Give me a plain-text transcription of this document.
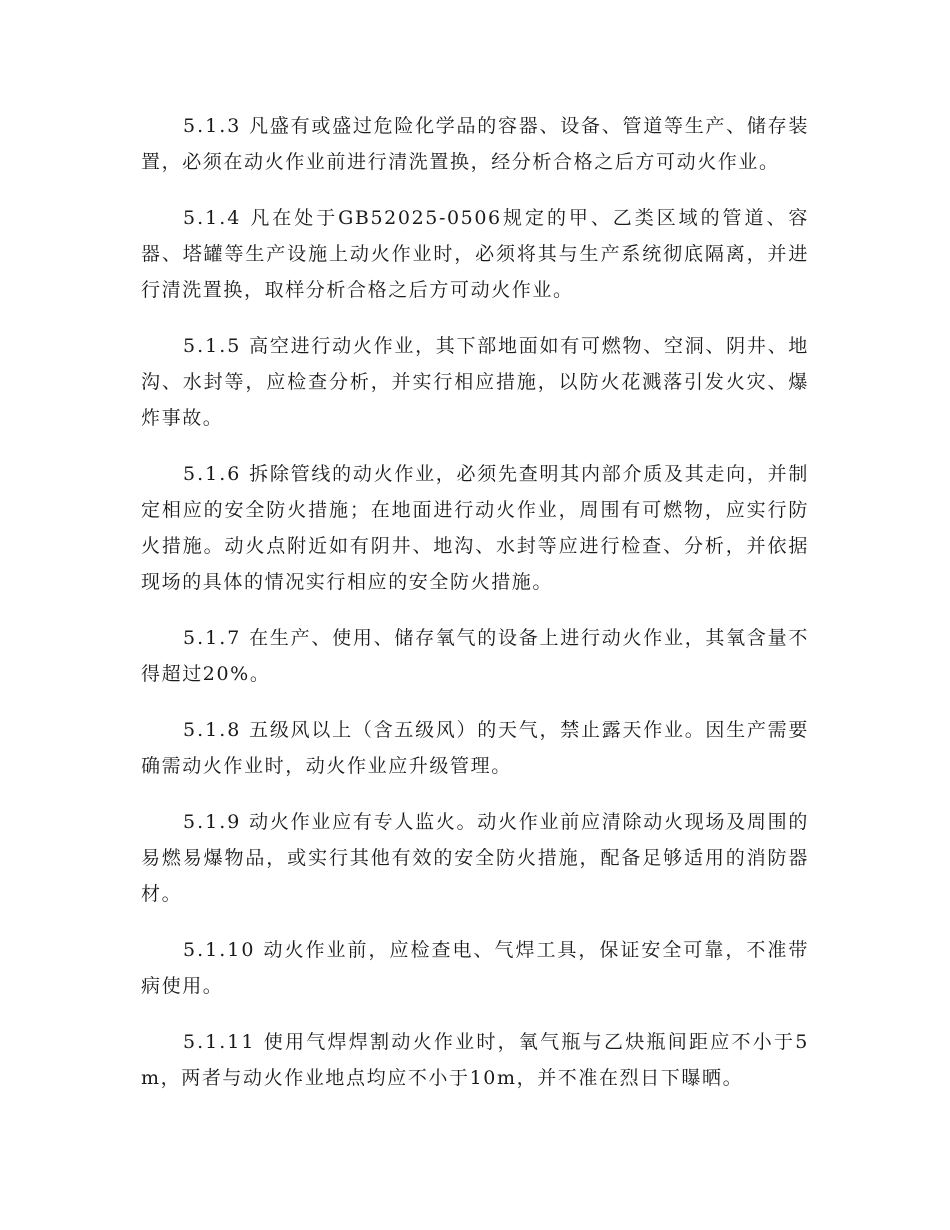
5.1.3 凡盛有或盛过危险化学品的容器、设备、管道等生产、储存装置，必须在动火作业前进行清洗置换，经分析合格之后方可动火作业。

5.1.4 凡在处于GB52025-0506规定的甲、乙类区域的管道、容器、塔罐等生产设施上动火作业时，必须将其与生产系统彻底隔离，并进行清洗置换，取样分析合格之后方可动火作业。

5.1.5 高空进行动火作业，其下部地面如有可燃物、空洞、阴井、地沟、水封等，应检查分析，并实行相应措施，以防火花溅落引发火灾、爆炸事故。

5.1.6 拆除管线的动火作业，必须先查明其内部介质及其走向，并制定相应的安全防火措施；在地面进行动火作业，周围有可燃物，应实行防火措施。动火点附近如有阴井、地沟、水封等应进行检查、分析，并依据现场的具体的情况实行相应的安全防火措施。

5.1.7 在生产、使用、储存氧气的设备上进行动火作业，其氧含量不得超过20%。

5.1.8 五级风以上（含五级风）的天气，禁止露天作业。因生产需要确需动火作业时，动火作业应升级管理。

5.1.9 动火作业应有专人监火。动火作业前应清除动火现场及周围的易燃易爆物品，或实行其他有效的安全防火措施，配备足够适用的消防器材。

5.1.10 动火作业前，应检查电、气焊工具，保证安全可靠，不准带病使用。

5.1.11 使用气焊焊割动火作业时，氧气瓶与乙炔瓶间距应不小于5m，两者与动火作业地点均应不小于10m，并不准在烈日下曝晒。
